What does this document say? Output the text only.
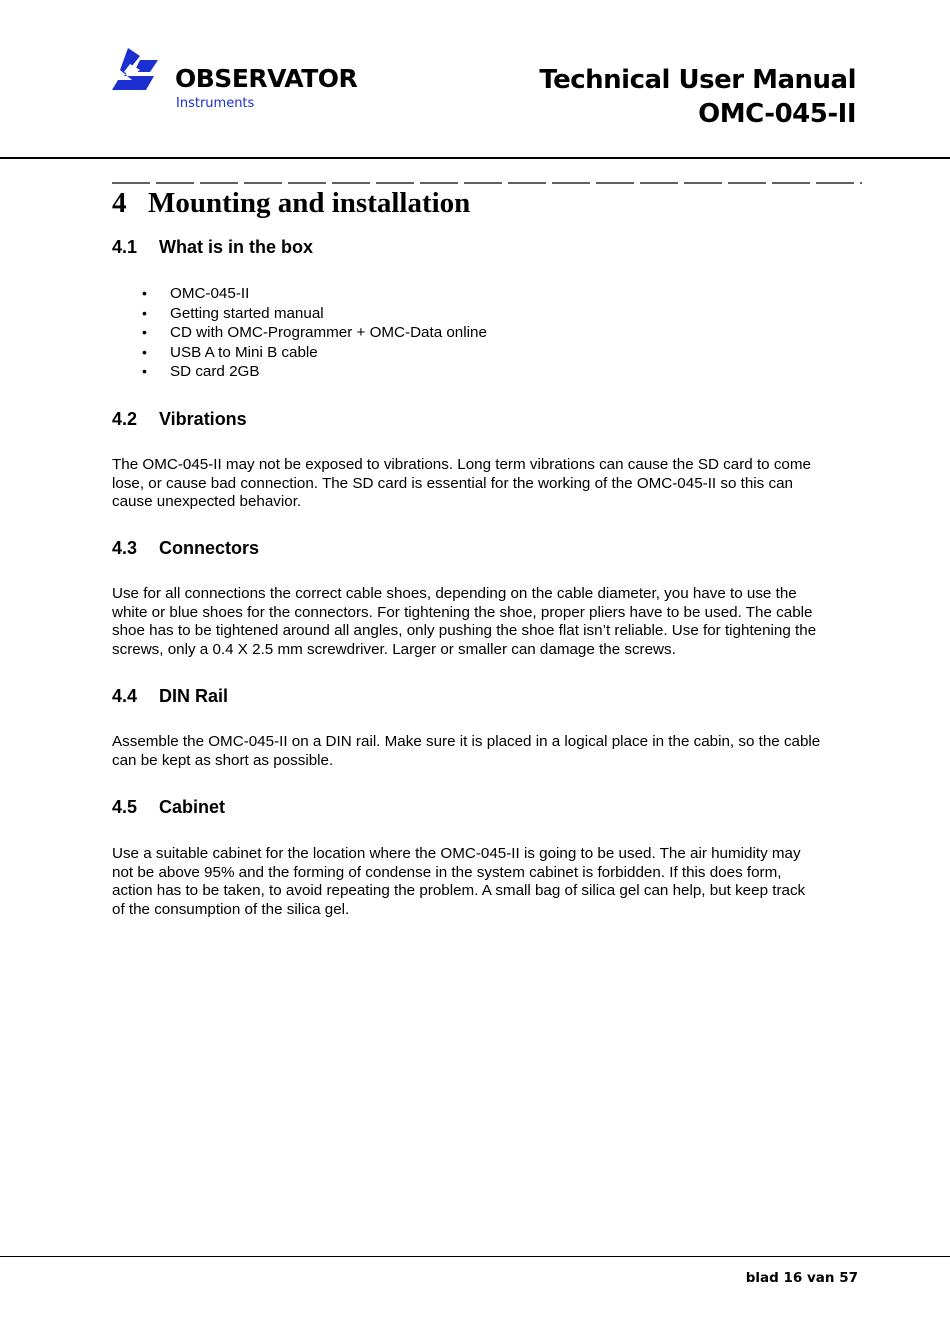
OBSERVATOR
Instruments
Technical User Manual
OMC-045-II
4 Mounting and installation
4.1 What is in the box
• OMC-045-II
• Getting started manual
• CD with OMC-Programmer + OMC-Data online
• USB A to Mini B cable
• SD card 2GB
4.2 Vibrations
The OMC-045-II may not be exposed to vibrations. Long term vibrations can cause the SD card to come
lose, or cause bad connection. The SD card is essential for the working of the OMC-045-II so this can
cause unexpected behavior.
4.3 Connectors
Use for all connections the correct cable shoes, depending on the cable diameter, you have to use the
white or blue shoes for the connectors. For tightening the shoe, proper pliers have to be used. The cable
shoe has to be tightened around all angles, only pushing the shoe flat isn’t reliable. Use for tightening the
screws, only a 0.4 X 2.5 mm screwdriver. Larger or smaller can damage the screws.
4.4 DIN Rail
Assemble the OMC-045-II on a DIN rail. Make sure it is placed in a logical place in the cabin, so the cable
can be kept as short as possible.
4.5 Cabinet
Use a suitable cabinet for the location where the OMC-045-II is going to be used. The air humidity may
not be above 95% and the forming of condense in the system cabinet is forbidden. If this does form,
action has to be taken, to avoid repeating the problem. A small bag of silica gel can help, but keep track
of the consumption of the silica gel.
blad 16 van 57
